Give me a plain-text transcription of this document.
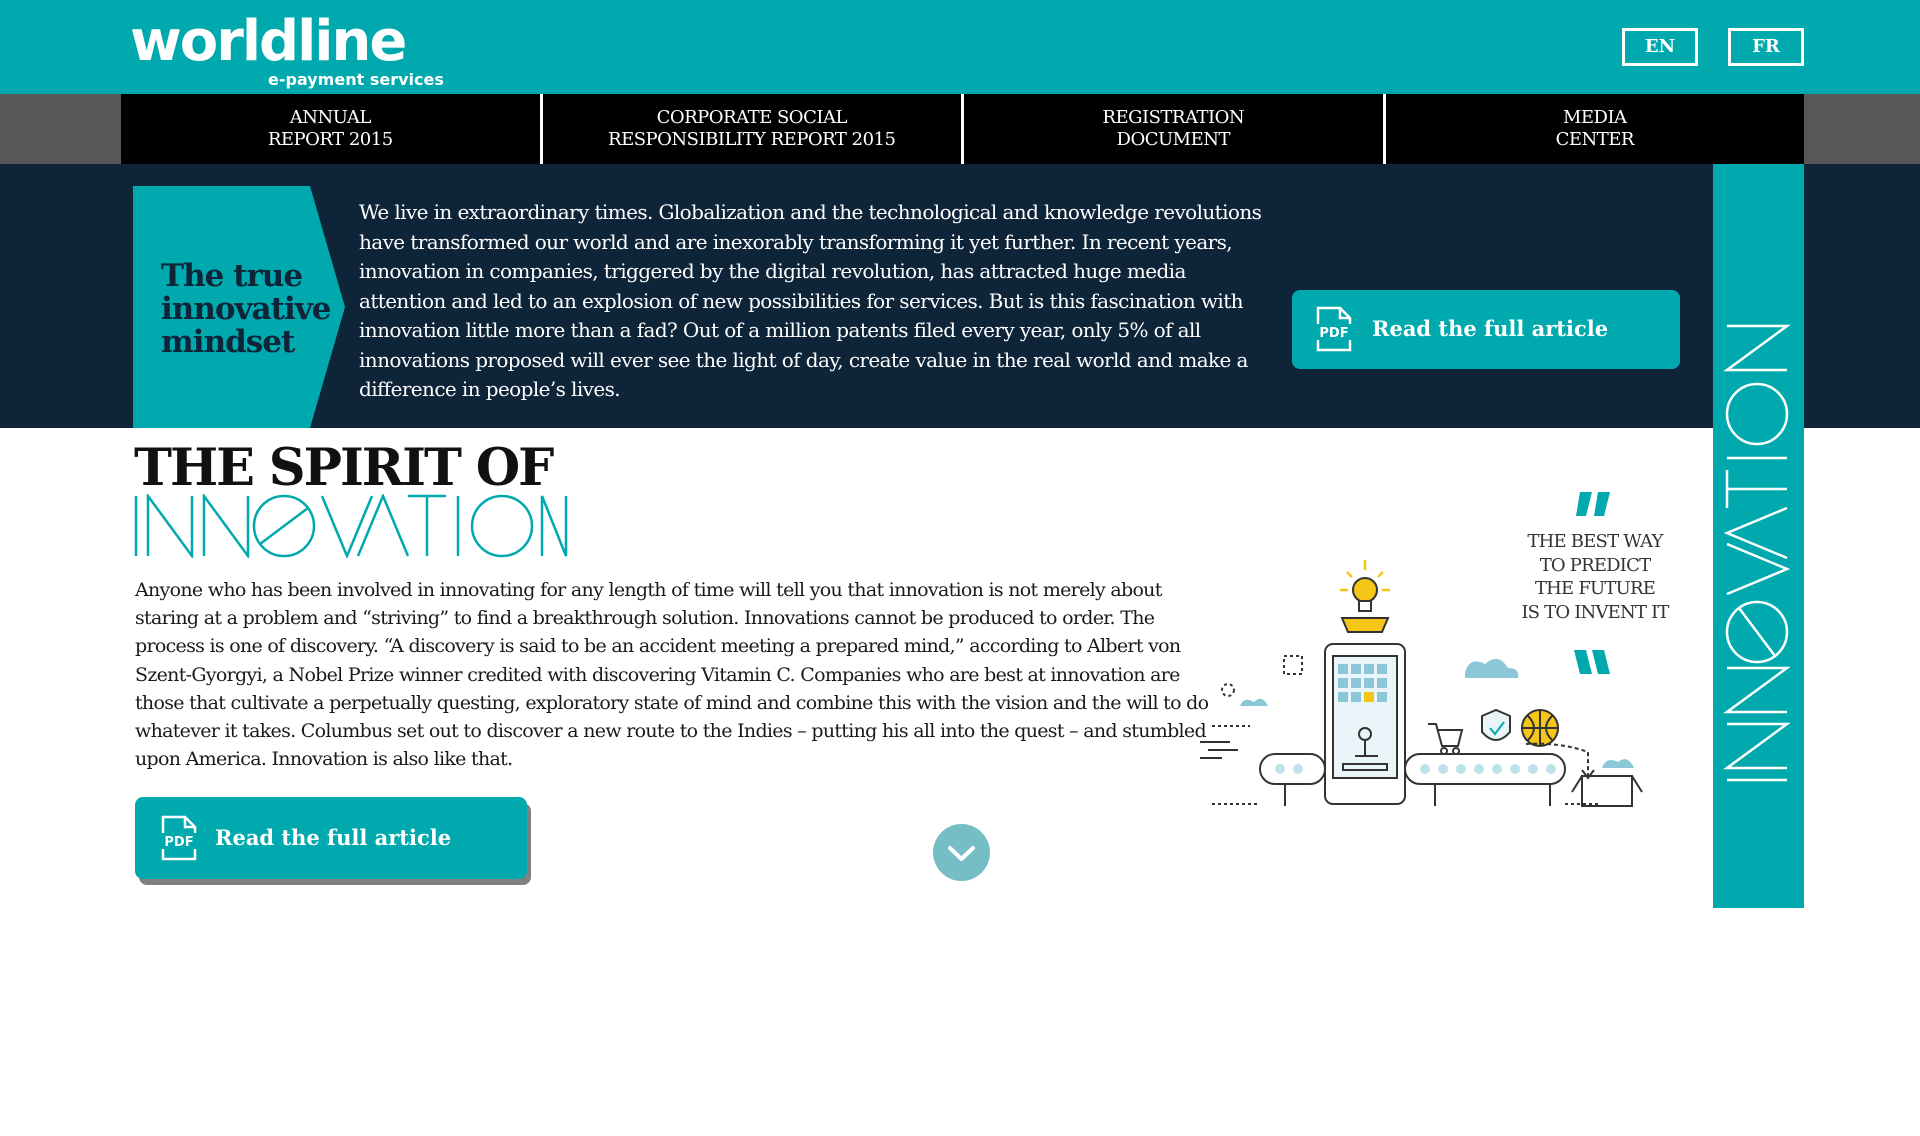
worldline
e-payment services
EN	FR
ANNUAL
REPORT 2015
CORPORATE SOCIAL
RESPONSIBILITY REPORT 2015
REGISTRATION
DOCUMENT
MEDIA
CENTER
The true
innovative
mindset
We live in extraordinary times. Globalization and the technological and knowledge revolutions have transformed our world and are inexorably transforming it yet further. In recent years, innovation in companies, triggered by the digital revolution, has attracted huge media attention and led to an explosion of new possibilities for services. But is this fascination with innovation little more than a fad? Out of a million patents filed every year, only 5% of all innovations proposed will ever see the light of day, create value in the real world and make a difference in people’s lives.
PDF Read the full article
THE SPIRIT OF
Anyone who has been involved in innovating for any length of time will tell you that innovation is not merely about staring at a problem and “striving” to find a breakthrough solution. Innovations cannot be produced to order. The process is one of discovery. “A discovery is said to be an accident meeting a prepared mind,” according to Albert von Szent-Gyorgyi, a Nobel Prize winner credited with discovering Vitamin C. Companies who are best at innovation are those that cultivate a perpetually questing, exploratory state of mind and combine this with the vision and the will to do whatever it takes. Columbus set out to discover a new route to the Indies – putting his all into the quest – and stumbled upon America. Innovation is also like that.
PDF Read the full article
THE BEST WAY
TO PREDICT
THE FUTURE
IS TO INVENT IT
